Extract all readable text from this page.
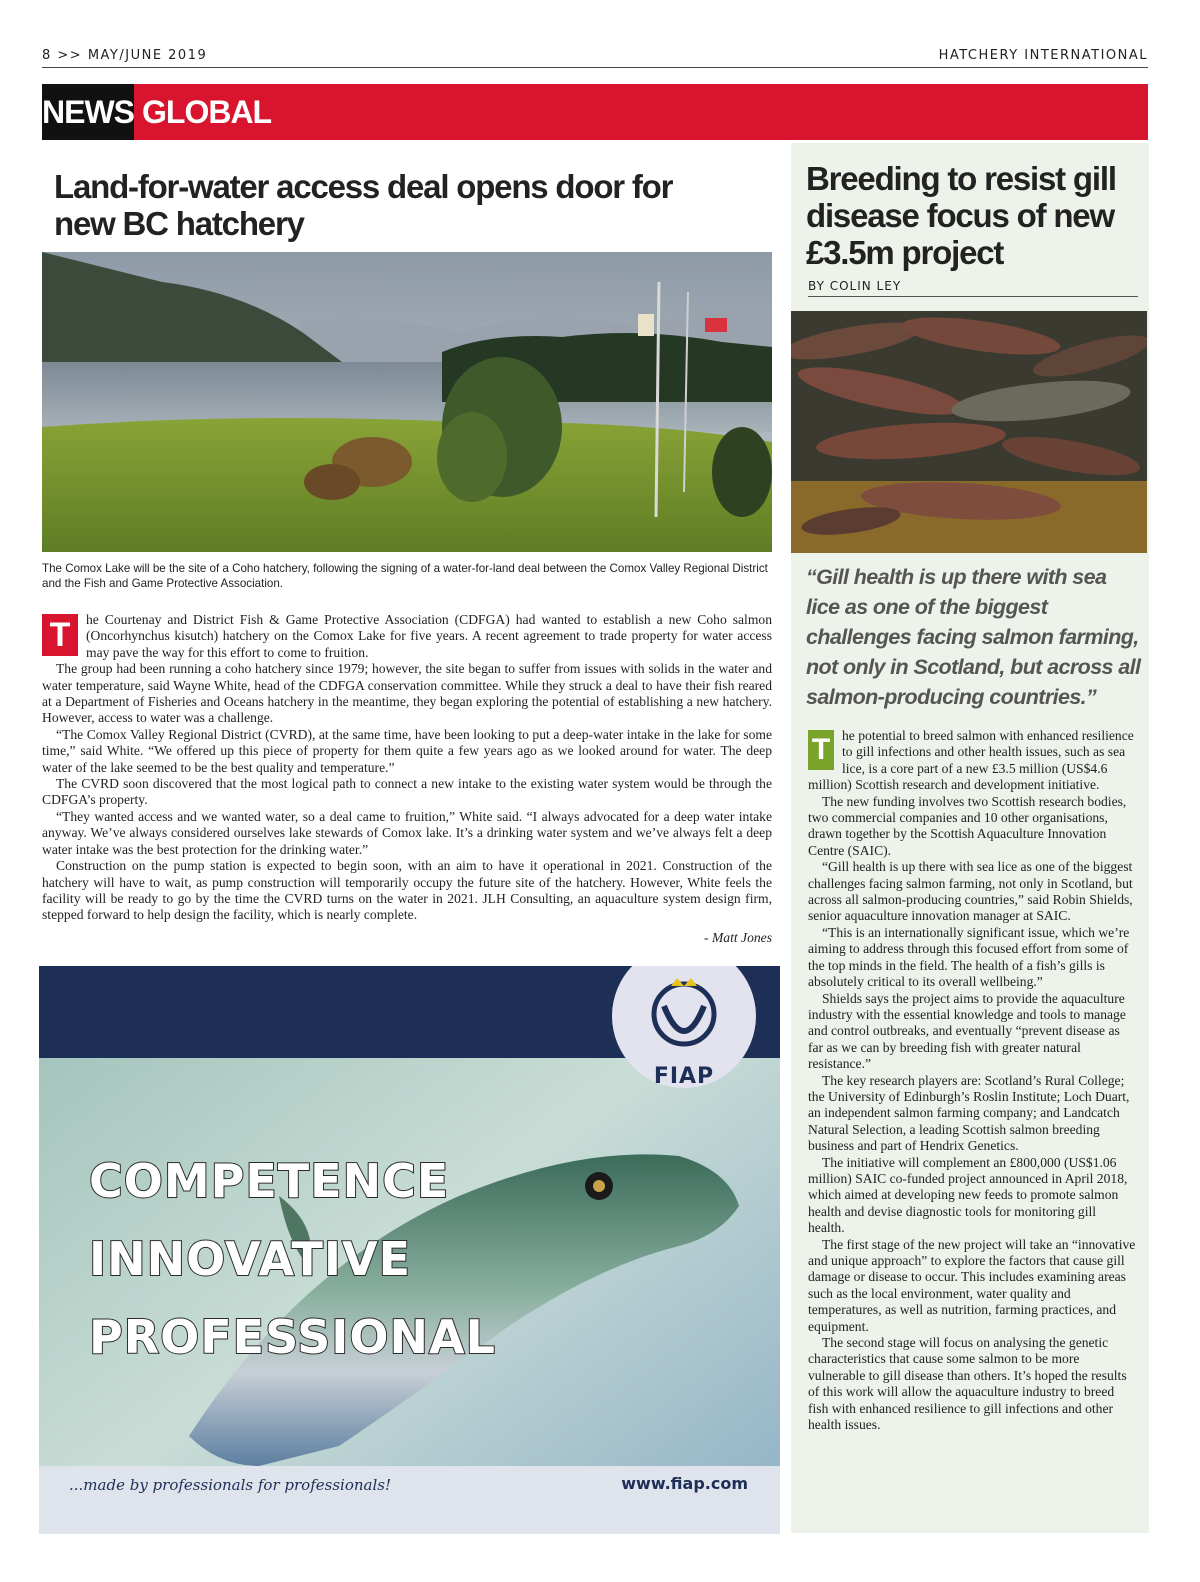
8 >> MAY/JUNE 2019	HATCHERY INTERNATIONAL
NEWS GLOBAL
Land-for-water access deal opens door for new BC hatchery

The Comox Lake will be the site of a Coho hatchery, following the signing of a water-for-land deal between the Comox Valley Regional District and the Fish and Game Protective Association.

T	he Courtenay and District Fish & Game Protective Association (CDFGA) had wanted to establish a new Coho salmon (Oncorhynchus kisutch) hatchery on the Comox Lake for five years. A recent agreement to trade property for water access may pave the way for this effort to come to fruition.

The group had been running a coho hatchery since 1979; however, the site began to suffer from issues with solids in the water and water temperature, said Wayne White, head of the CDFGA conservation committee. While they struck a deal to have their fish reared at a Department of Fisheries and Oceans hatchery in the meantime, they began exploring the potential of establishing a new hatchery. However, access to water was a challenge.

“The Comox Valley Regional District (CVRD), at the same time, have been looking to put a deep-water intake in the lake for some time,” said White. “We offered up this piece of property for them quite a few years ago as we looked around for water. The deep water of the lake seemed to be the best quality and temperature.”

The CVRD soon discovered that the most logical path to connect a new intake to the existing water system would be through the CDFGA’s property.

“They wanted access and we wanted water, so a deal came to fruition,” White said. “I always advocated for a deep water intake anyway. We’ve always considered ourselves lake stewards of Comox lake. It’s a drinking water system and we’ve always felt a deep water intake was the best protection for the drinking water.”

Construction on the pump station is expected to begin soon, with an aim to have it operational in 2021. Construction of the hatchery will have to wait, as pump construction will temporarily occupy the future site of the hatchery. However, White feels the facility will be ready to go by the time the CVRD turns on the water in 2021. JLH Consulting, an aquaculture system design firm, stepped forward to help design the facility, which is nearly complete.

- Matt Jones
FIAP
COMPETENCE
INNOVATIVE
PROFESSIONAL
...made by professionals for professionals!	www.fiap.com
Breeding to resist gill disease focus of new £3.5m project
BY COLIN LEY
“Gill health is up there with sea lice as one of the biggest challenges facing salmon farming, not only in Scotland, but across all salmon-producing countries.”

T he potential to breed salmon with enhanced resilience to gill infections and other health issues, such as sea lice, is a core part of a new £3.5 million (US$4.6 million) Scottish research and development initiative.

The new funding involves two Scottish research bodies, two commercial companies and 10 other organisations, drawn together by the Scottish Aquaculture Innovation Centre (SAIC).

“Gill health is up there with sea lice as one of the biggest challenges facing salmon farming, not only in Scotland, but across all salmon-producing countries,” said Robin Shields, senior aquaculture innovation manager at SAIC.

“This is an internationally significant issue, which we’re aiming to address through this focused effort from some of the top minds in the field. The health of a fish’s gills is absolutely critical to its overall wellbeing.”

Shields says the project aims to provide the aquaculture industry with the essential knowledge and tools to manage and control outbreaks, and eventually “prevent disease as far as we can by breeding fish with greater natural resistance.”

The key research players are: Scotland’s Rural College; the University of Edinburgh’s Roslin Institute; Loch Duart, an independent salmon farming company; and Landcatch Natural Selection, a leading Scottish salmon breeding business and part of Hendrix Genetics.

The initiative will complement an £800,000 (US$1.06 million) SAIC co-funded project announced in April 2018, which aimed at developing new feeds to promote salmon health and devise diagnostic tools for monitoring gill health.

The first stage of the new project will take an “innovative and unique approach” to explore the factors that cause gill damage or disease to occur. This includes examining areas such as the local environment, water quality and temperatures, as well as nutrition, farming practices, and equipment.

The second stage will focus on analysing the genetic characteristics that cause some salmon to be more vulnerable to gill disease than others. It’s hoped the results of this work will allow the aquaculture industry to breed fish with enhanced resilience to gill infections and other health issues.
